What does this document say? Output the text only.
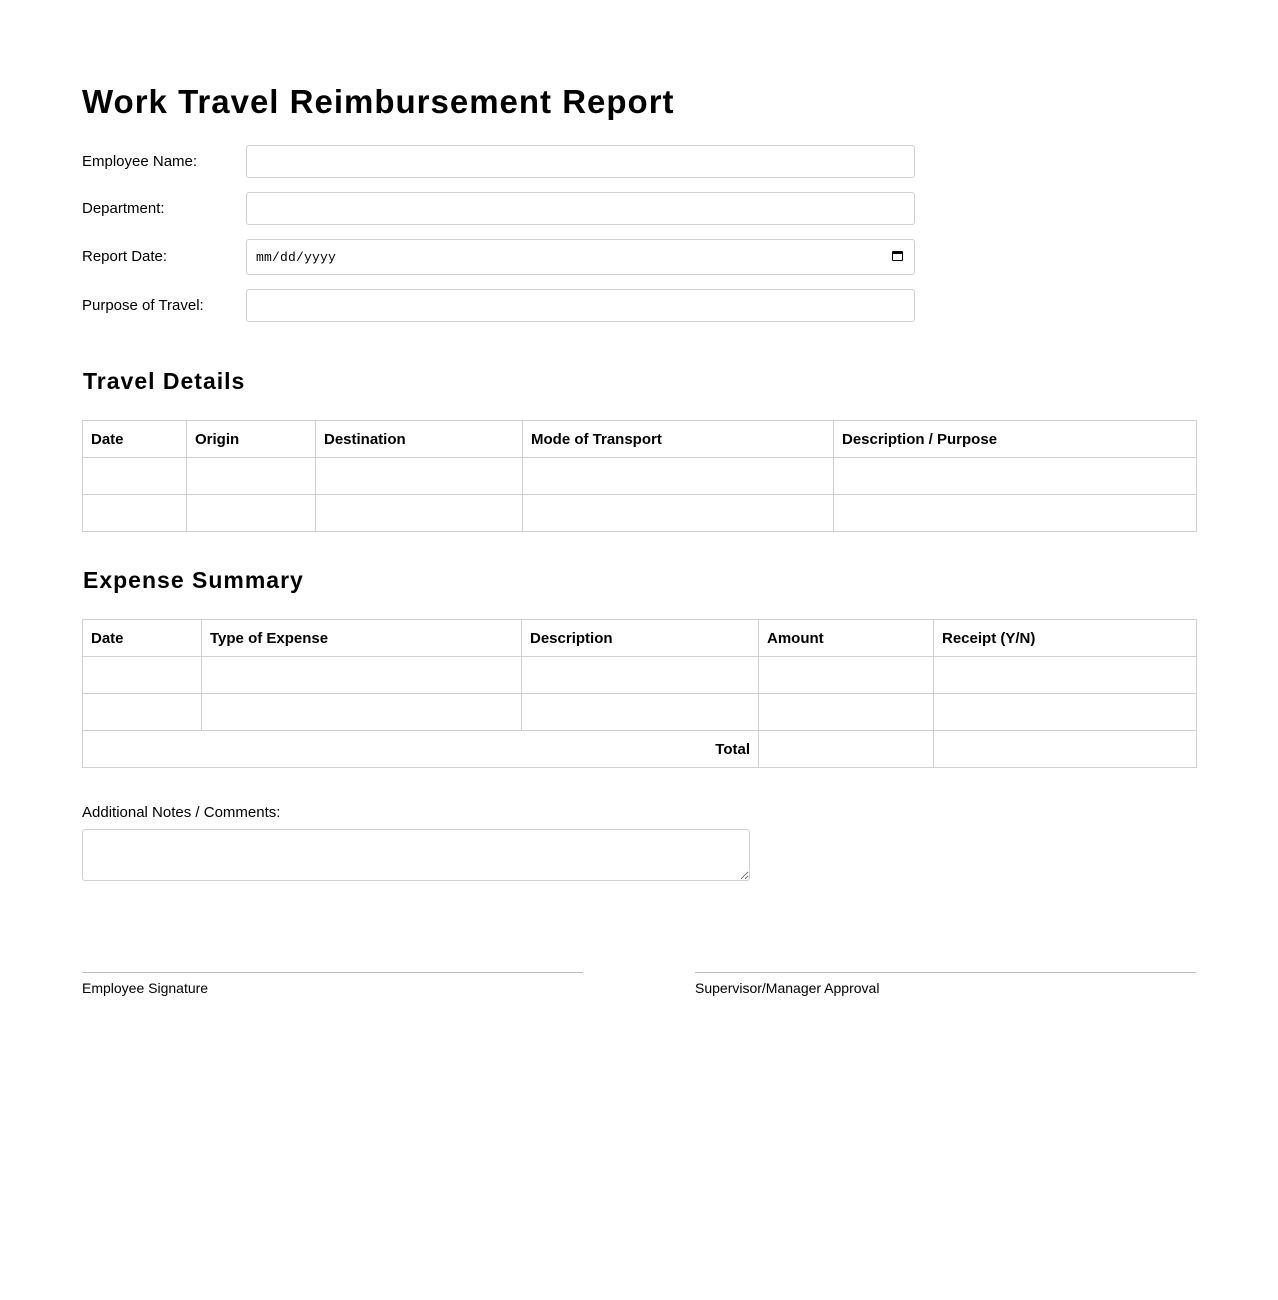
Work Travel Reimbursement Report
Employee Name:
Department:
Report Date:	mm/dd/yyyy
Purpose of Travel:
Travel Details
Date	Origin	Destination	Mode of Transport	Description / Purpose

Expense Summary
Date	Type of Expense	Description	Amount	Receipt (Y/N)

Total				
Additional Notes / Comments:
Employee Signature	Supervisor/Manager Approval
